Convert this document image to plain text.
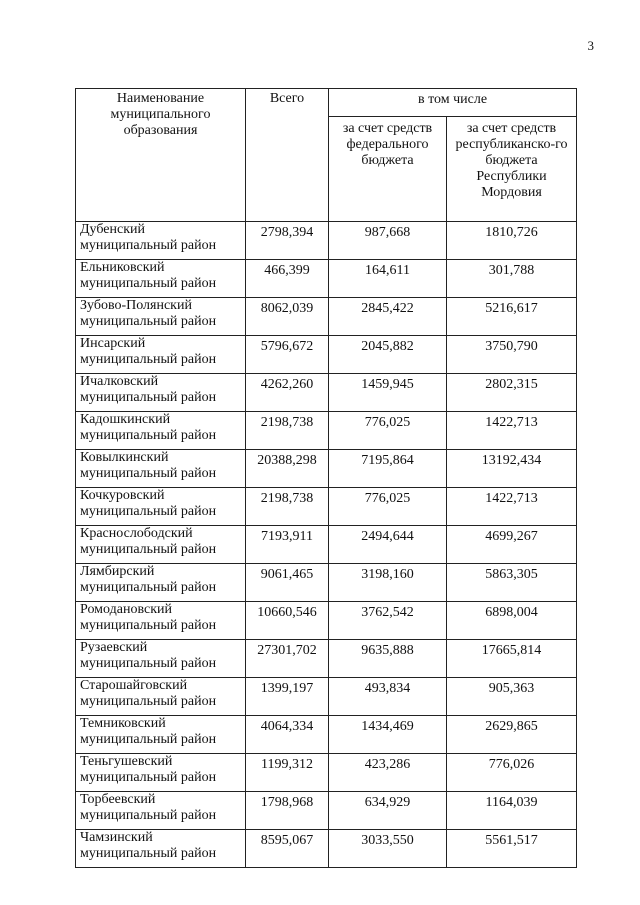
3
Наименование муниципального образования	Всего	в том числе	
		за счет средств федерального бюджета	за счет средств республиканско-го бюджета Республики Мордовия
Дубенский муниципальный район	2798,394	987,668	1810,726
Ельниковский муниципальный район	466,399	164,611	301,788
Зубово-Полянский муниципальный район	8062,039	2845,422	5216,617
Инсарский муниципальный район	5796,672	2045,882	3750,790
Ичалковский муниципальный район	4262,260	1459,945	2802,315
Кадошкинский муниципальный район	2198,738	776,025	1422,713
Ковылкинский муниципальный район	20388,298	7195,864	13192,434
Кочкуровский муниципальный район	2198,738	776,025	1422,713
Краснослободский муниципальный район	7193,911	2494,644	4699,267
Лямбирский муниципальный район	9061,465	3198,160	5863,305
Ромодановский муниципальный район	10660,546	3762,542	6898,004
Рузаевский муниципальный район	27301,702	9635,888	17665,814
Старошайговский муниципальный район	1399,197	493,834	905,363
Темниковский муниципальный район	4064,334	1434,469	2629,865
Теньгушевский муниципальный район	1199,312	423,286	776,026
Торбеевский муниципальный район	1798,968	634,929	1164,039
Чамзинский муниципальный район	8595,067	3033,550	5561,517
